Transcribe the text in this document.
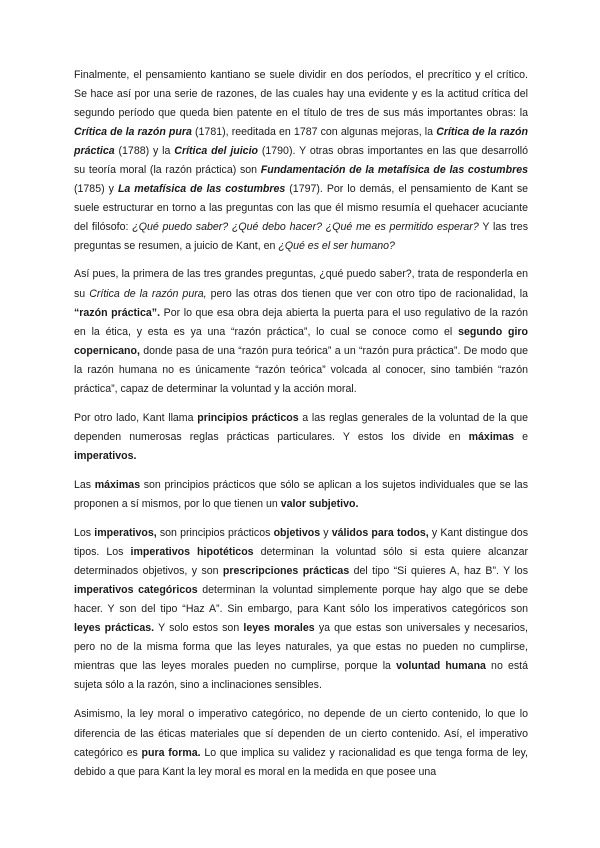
Finalmente, el pensamiento kantiano se suele dividir en dos períodos, el precrítico y el crítico. Se hace así por una serie de razones, de las cuales hay una evidente y es la actitud crítica del segundo período que queda bien patente en el título de tres de sus más importantes obras: la Crítica de la razón pura (1781), reeditada en 1787 con algunas mejoras, la Crítica de la razón práctica (1788) y la Crítica del juicio (1790). Y otras obras importantes en las que desarrolló su teoría moral (la razón práctica) son Fundamentación de la metafísica de las costumbres (1785) y La metafísica de las costumbres (1797). Por lo demás, el pensamiento de Kant se suele estructurar en torno a las preguntas con las que él mismo resumía el quehacer acuciante del filósofo: ¿Qué puedo saber? ¿Qué debo hacer? ¿Qué me es permitido esperar? Y las tres preguntas se resumen, a juicio de Kant, en ¿Qué es el ser humano?

Así pues, la primera de las tres grandes preguntas, ¿qué puedo saber?, trata de responderla en su Crítica de la razón pura, pero las otras dos tienen que ver con otro tipo de racionalidad, la “razón práctica”. Por lo que esa obra deja abierta la puerta para el uso regulativo de la razón en la ética, y esta es ya una “razón práctica”, lo cual se conoce como el segundo giro copernicano, donde pasa de una “razón pura teórica” a un “razón pura práctica”. De modo que la razón humana no es únicamente “razón teórica” volcada al conocer, sino también “razón práctica”, capaz de determinar la voluntad y la acción moral.

Por otro lado, Kant llama principios prácticos a las reglas generales de la voluntad de la que dependen numerosas reglas prácticas particulares. Y estos los divide en máximas e imperativos.

Las máximas son principios prácticos que sólo se aplican a los sujetos individuales que se las proponen a sí mismos, por lo que tienen un valor subjetivo.

Los imperativos, son principios prácticos objetivos y válidos para todos, y Kant distingue dos tipos. Los imperativos hipotéticos determinan la voluntad sólo si esta quiere alcanzar determinados objetivos, y son prescripciones prácticas del tipo “Si quieres A, haz B”. Y los imperativos categóricos determinan la voluntad simplemente porque hay algo que se debe hacer. Y son del tipo “Haz A”. Sin embargo, para Kant sólo los imperativos categóricos son leyes prácticas. Y solo estos son leyes morales ya que estas son universales y necesarios, pero no de la misma forma que las leyes naturales, ya que estas no pueden no cumplirse, mientras que las leyes morales pueden no cumplirse, porque la voluntad humana no está sujeta sólo a la razón, sino a inclinaciones sensibles.

Asimismo, la ley moral o imperativo categórico, no depende de un cierto contenido, lo que lo diferencia de las éticas materiales que sí dependen de un cierto contenido. Así, el imperativo categórico es pura forma. Lo que implica su validez y racionalidad es que tenga forma de ley, debido a que para Kant la ley moral es moral en la medida en que posee una
